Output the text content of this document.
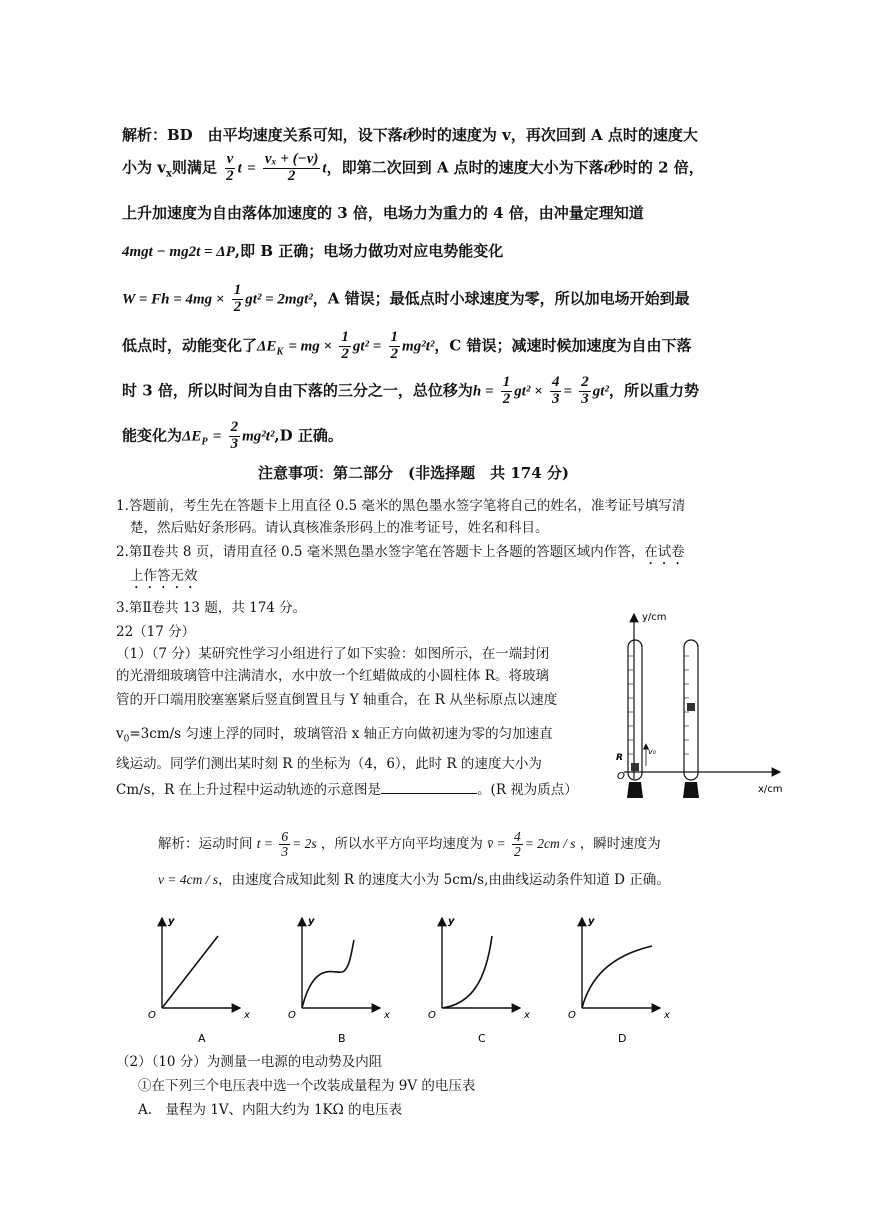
解析：BD　由平均速度关系可知，设下落t秒时的速度为 v，再次回到 A 点时的速度大
小为 $v_x$则满足 $\frac{v}{2}$ $t = \frac{\text{vₓ + (−v)}}{2}$ t，即第二次回到 A 点时的速度大小为下落t秒时的 2 倍，
上升加速度为自由落体加速度的 3 倍，电场力为重力的 4 倍，由冲量定理知道
4mgt − mg2t = ΔP,即 B 正确；电场力做功对应电势能变化
$W = Fh = 4mg \times \frac{1}{2} gt^2 = 2mgt^2$，A 错误；最低点时小球速度为零，所以加电场开始到最
低点时，动能变化了$\Delta E_K$ = mg × $\frac{1}{2} gt^2 = \frac{1}{2} mg^2t^2$，C 错误；减速时候加速度为自由下落
时 3 倍，所以时间为自由下落的三分之一，总位移为$h = \frac{1}{2} gt^2 \times \frac{4}{3} = \frac{2}{3} gt^2$，所以重力势
能变化为$\Delta E_P = \frac{2}{3} mg^2t^2,D$ 正确。
注意事项：第二部分　(非选择题　共 174 分)
1.答题前，考生先在答题卡上用直径 0.5 毫米的黑色墨水签字笔将自己的姓名，准考证号填写清
楚，然后贴好条形码。请认真核准条形码上的准考证号，姓名和科目。
2.第Ⅱ卷共 8 页，请用直径 0.5 毫米黑色墨水签字笔在答题卡上各题的答题区域内作答，在试卷
上作答无效
3.第Ⅱ卷共 13 题，共 174 分。
22（17 分）
（1）（7 分）某研究性学习小组进行了如下实验：如图所示，在一端封闭
的光滑细玻璃管中注满清水，水中放一个红蜡做成的小圆柱体 R。将玻璃
管的开口端用胶塞塞紧后竖直倒置且与 Y 轴重合，在 R 从坐标原点以速度
$v_0=3cm/s$ 匀速上浮的同时，玻璃管沿 x 轴正方向做初速为零的匀加速直
线运动。同学们测出某时刻 R 的坐标为（4，6），此时 R 的速度大小为
Cm/s，R 在上升过程中运动轨迹的示意图是	。(R 视为质点）
y/cm
x/cm
O
R
v₀
解析：运动时间 $t = \frac{6}{3} = 2s$ ，所以水平方向平均速度为 v̄ = $\frac{4}{2} = 2cm / s$ ，瞬时速度为
v = 4cm / s，由速度合成知此刻 R 的速度大小为 5cm/s,由曲线运动条件知道 D 正确。
y
x
O
A
y
x
O
B
y
x
O
C
y
x
O
D
（2）（10 分）为测量一电源的电动势及内阻
①在下列三个电压表中选一个改装成量程为 9V 的电压表
A.　量程为 1V、内阻大约为 1KΩ 的电压表
